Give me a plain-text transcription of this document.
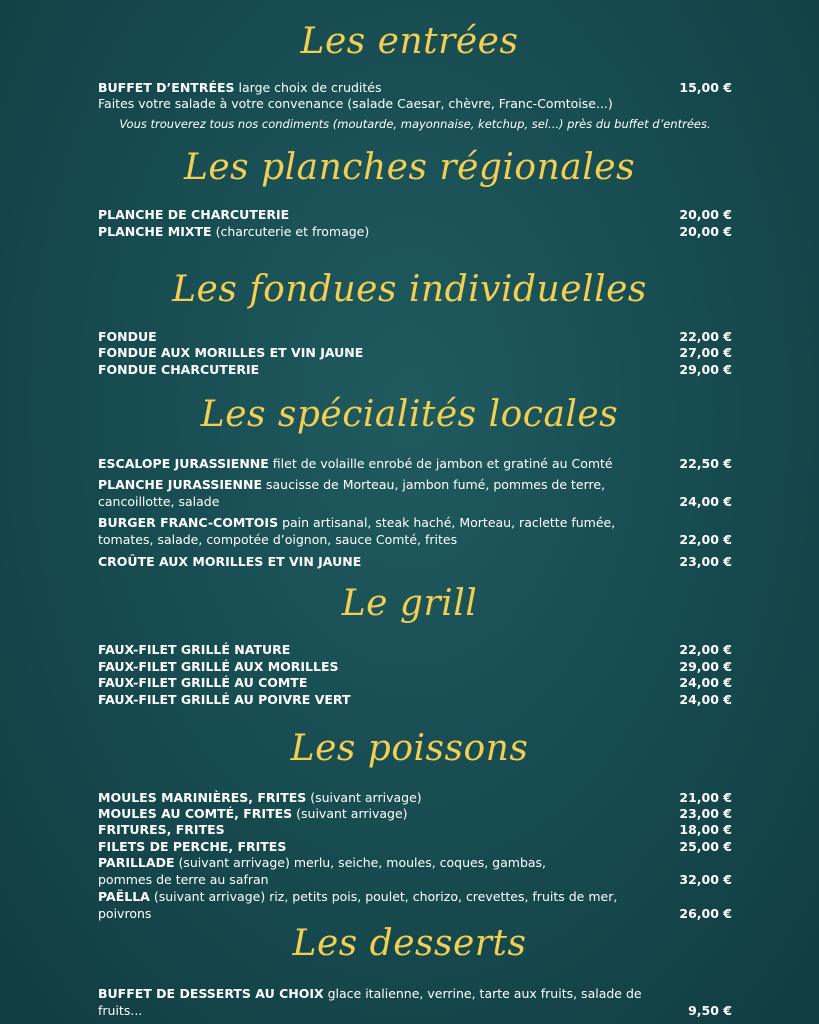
Les entrées
BUFFET D’ENTRÉES large choix de crudités	15,00 €
Faites votre salade à votre convenance (salade Caesar, chèvre, Franc-Comtoise...)
Vous trouverez tous nos condiments (moutarde, mayonnaise, ketchup, sel...) près du buffet d’entrées.
Les planches régionales
PLANCHE DE CHARCUTERIE	20,00 €
PLANCHE MIXTE (charcuterie et fromage)	20,00 €
Les fondues individuelles
FONDUE	22,00 €
FONDUE AUX MORILLES ET VIN JAUNE	27,00 €
FONDUE CHARCUTERIE	29,00 €
Les spécialités locales
ESCALOPE JURASSIENNE filet de volaille enrobé de jambon et gratiné au Comté	22,50 €
PLANCHE JURASSIENNE saucisse de Morteau, jambon fumé, pommes de terre, cancoillotte, salade	24,00 €
BURGER FRANC-COMTOIS pain artisanal, steak haché, Morteau, raclette fumée, tomates, salade, compotée d’oignon, sauce Comté, frites	22,00 €
CROÛTE AUX MORILLES ET VIN JAUNE	23,00 €
Le grill
FAUX-FILET GRILLÉ NATURE	22,00 €
FAUX-FILET GRILLÉ AUX MORILLES	29,00 €
FAUX-FILET GRILLÉ AU COMTE	24,00 €
FAUX-FILET GRILLÉ AU POIVRE VERT	24,00 €
Les poissons
MOULES MARINIÈRES, FRITES (suivant arrivage)	21,00 €
MOULES AU COMTÉ, FRITES (suivant arrivage)	23,00 €
FRITURES, FRITES	18,00 €
FILETS DE PERCHE, FRITES	25,00 €
PARILLADE (suivant arrivage) merlu, seiche, moules, coques, gambas, pommes de terre au safran	32,00 €
PAËLLA (suivant arrivage) riz, petits pois, poulet, chorizo, crevettes, fruits de mer, poivrons	26,00 €
Les desserts
BUFFET DE DESSERTS AU CHOIX glace italienne, verrine, tarte aux fruits, salade de fruits...	9,50 €
